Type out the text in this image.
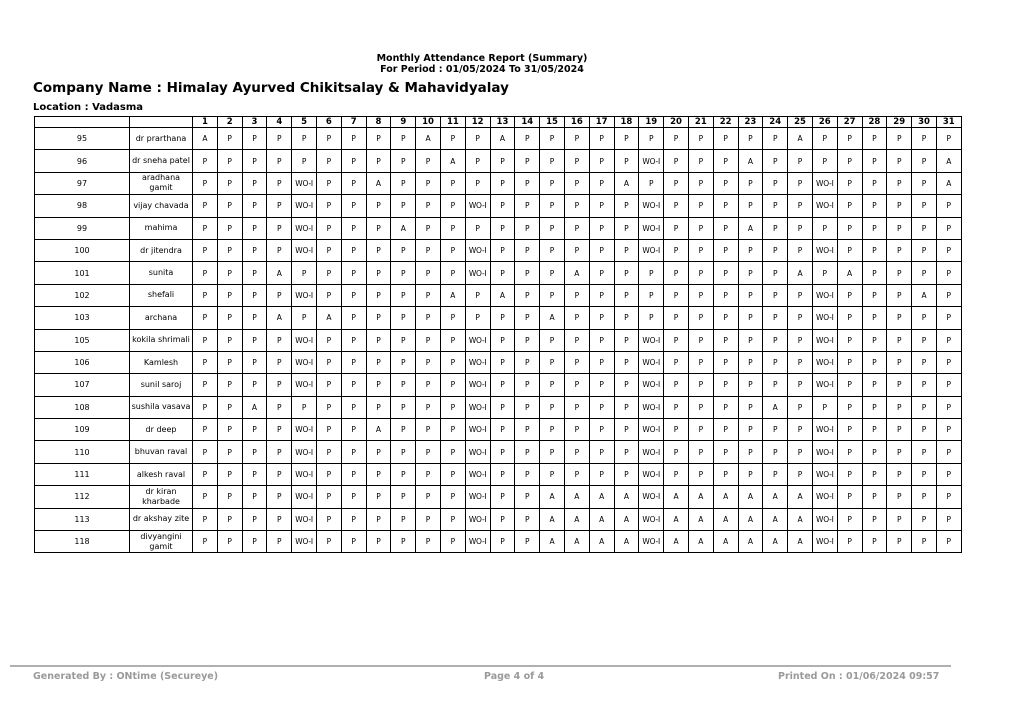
Monthly Attendance Report (Summary)
For Period : 01/05/2024 To 31/05/2024
Company Name : Himalay Ayurved Chikitsalay & Mahavidyalay
Location : Vadasma
		1	2	3	4	5	6	7	8	9	10	11	12	13	14	15	16	17	18	19	20	21	22	23	24	25	26	27	28	29	30	31
95	dr prarthana	A	P	P	P	P	P	P	P	P	A	P	P	A	P	P	P	P	P	P	P	P	P	P	P	A	P	P	P	P	P	P
96	dr sneha patel	P	P	P	P	P	P	P	P	P	P	A	P	P	P	P	P	P	P	WO-I	P	P	P	A	P	P	P	P	P	P	P	A
97	aradhana gamit	P	P	P	P	WO-I	P	P	A	P	P	P	P	P	P	P	P	P	A	P	P	P	P	P	P	P	WO-I	P	P	P	P	A
98	vijay chavada	P	P	P	P	WO-I	P	P	P	P	P	P	WO-I	P	P	P	P	P	P	WO-I	P	P	P	P	P	P	WO-I	P	P	P	P	P
99	mahima	P	P	P	P	WO-I	P	P	P	A	P	P	P	P	P	P	P	P	P	WO-I	P	P	P	A	P	P	P	P	P	P	P	P
100	dr jitendra	P	P	P	P	WO-I	P	P	P	P	P	P	WO-I	P	P	P	P	P	P	WO-I	P	P	P	P	P	P	WO-I	P	P	P	P	P
101	sunita	P	P	P	A	P	P	P	P	P	P	P	WO-I	P	P	P	A	P	P	P	P	P	P	P	P	A	P	A	P	P	P	P
102	shefali	P	P	P	P	WO-I	P	P	P	P	P	A	P	A	P	P	P	P	P	P	P	P	P	P	P	P	WO-I	P	P	P	A	P
103	archana	P	P	P	A	P	A	P	P	P	P	P	P	P	P	A	P	P	P	P	P	P	P	P	P	P	WO-I	P	P	P	P	P
105	kokila shrimali	P	P	P	P	WO-I	P	P	P	P	P	P	WO-I	P	P	P	P	P	P	WO-I	P	P	P	P	P	P	WO-I	P	P	P	P	P
106	Kamlesh	P	P	P	P	WO-I	P	P	P	P	P	P	WO-I	P	P	P	P	P	P	WO-I	P	P	P	P	P	P	WO-I	P	P	P	P	P
107	sunil saroj	P	P	P	P	WO-I	P	P	P	P	P	P	WO-I	P	P	P	P	P	P	WO-I	P	P	P	P	P	P	WO-I	P	P	P	P	P
108	sushila vasava	P	P	A	P	P	P	P	P	P	P	P	WO-I	P	P	P	P	P	P	WO-I	P	P	P	P	A	P	P	P	P	P	P	P
109	dr deep	P	P	P	P	WO-I	P	P	A	P	P	P	WO-I	P	P	P	P	P	P	WO-I	P	P	P	P	P	P	WO-I	P	P	P	P	P
110	bhuvan raval	P	P	P	P	WO-I	P	P	P	P	P	P	WO-I	P	P	P	P	P	P	WO-I	P	P	P	P	P	P	WO-I	P	P	P	P	P
111	alkesh raval	P	P	P	P	WO-I	P	P	P	P	P	P	WO-I	P	P	P	P	P	P	WO-I	P	P	P	P	P	P	WO-I	P	P	P	P	P
112	dr kiran kharbade	P	P	P	P	WO-I	P	P	P	P	P	P	WO-I	P	P	A	A	A	A	WO-I	A	A	A	A	A	A	WO-I	P	P	P	P	P
113	dr akshay zite	P	P	P	P	WO-I	P	P	P	P	P	P	WO-I	P	P	A	A	A	A	WO-I	A	A	A	A	A	A	WO-I	P	P	P	P	P
118	divyangini gamit	P	P	P	P	WO-I	P	P	P	P	P	P	WO-I	P	P	A	A	A	A	WO-I	A	A	A	A	A	A	WO-I	P	P	P	P	P
Generated By : ONtime (Secureye)	Page 4 of 4	Printed On : 01/06/2024 09:57
